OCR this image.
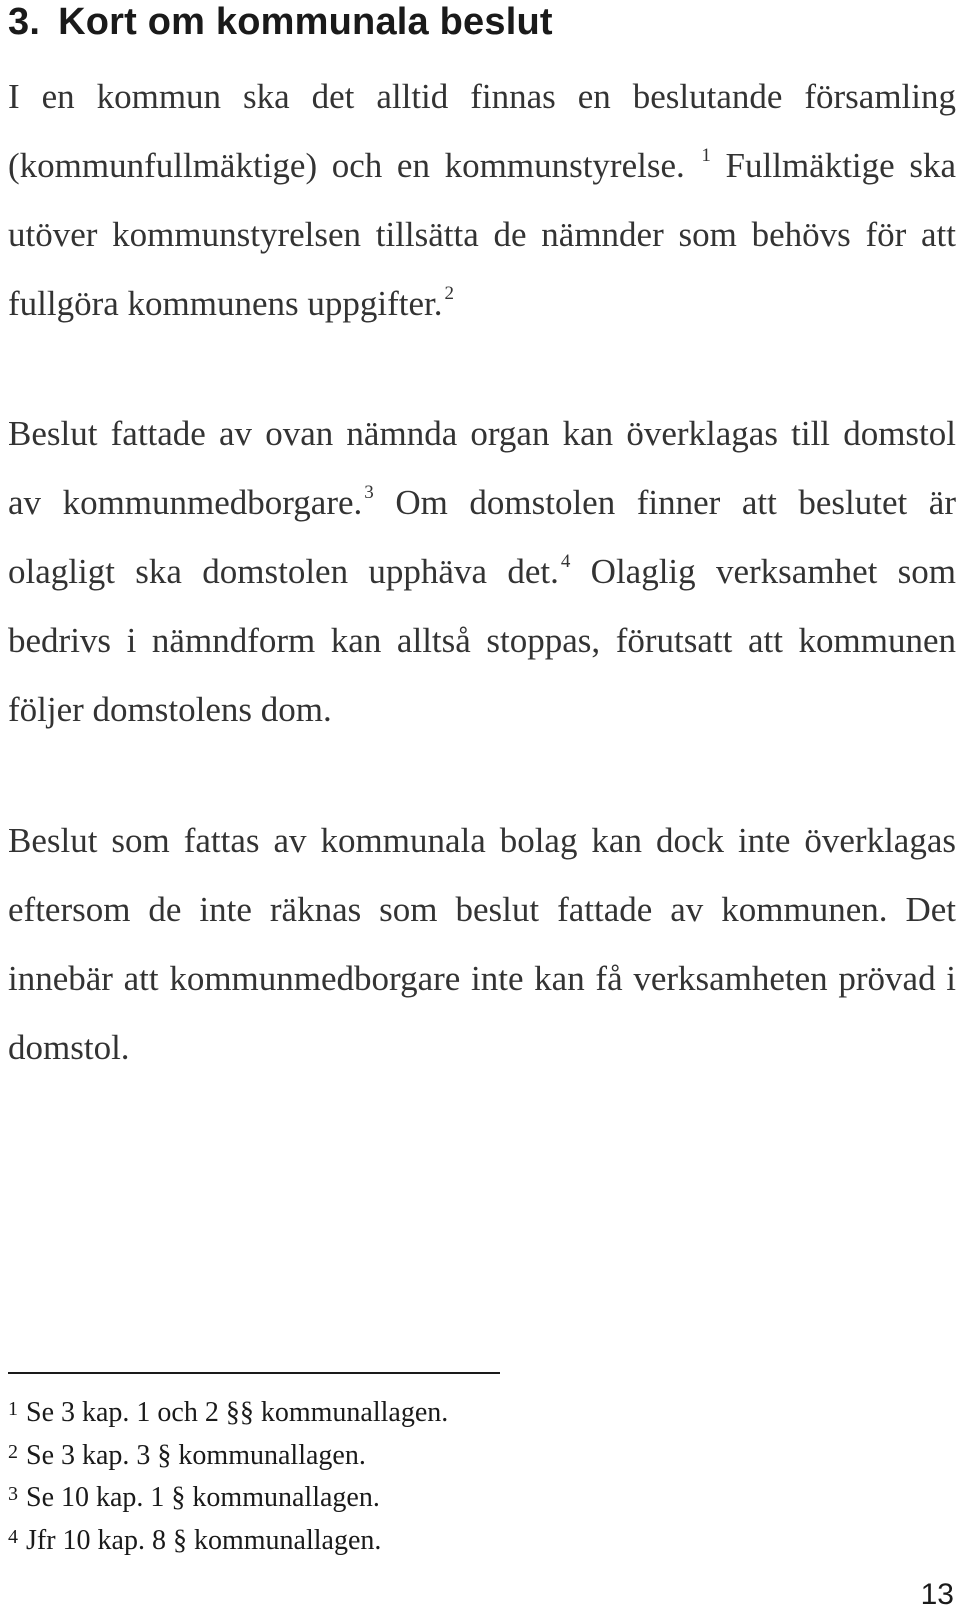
3. Kort om kommunala beslut

I en kommun ska det alltid finnas en beslutande församling (kommunfullmäktige) och en kommunstyrelse. $^1$ Fullmäktige ska utöver kommunstyrelsen tillsätta de nämnder som behövs för att fullgöra kommunens uppgifter. $^2$

Beslut fattade av ovan nämnda organ kan överklagas till domstol av kommunmedborgare. $^3$ Om domstolen finner att beslutet är olagligt ska domstolen upphäva det. $^4$ Olaglig verksamhet som bedrivs i nämndform kan alltså stoppas, förutsatt att kommunen följer domstolens dom.

Beslut som fattas av kommunala bolag kan dock inte överklagas eftersom de inte räknas som beslut fattade av kommunen. Det innebär att kommunmedborgare inte kan få verksamheten prövad i domstol.

$^1$ Se 3 kap. 1 och 2 §§ kommunallagen.
$^2$ Se 3 kap. 3 § kommunallagen.
$^3$ Se 10 kap. 1 § kommunallagen.
$^4$ Jfr 10 kap. 8 § kommunallagen.
13
